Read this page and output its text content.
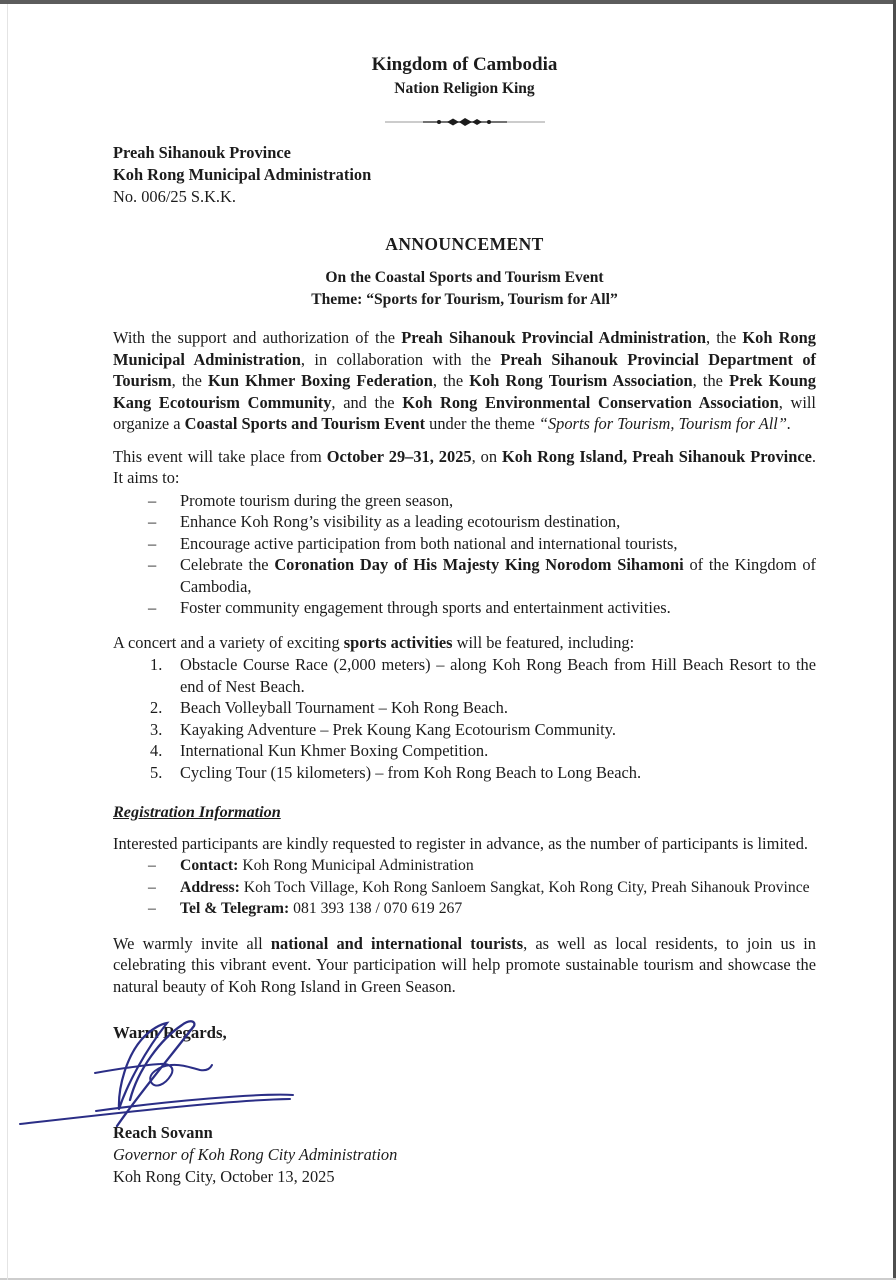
Kingdom of Cambodia
Nation Religion King
Preah Sihanouk Province
Koh Rong Municipal Administration
No. 006/25 S.K.K.
ANNOUNCEMENT
On the Coastal Sports and Tourism Event
Theme: “Sports for Tourism, Tourism for All”

With the support and authorization of the Preah Sihanouk Provincial Administration, the Koh Rong Municipal Administration, in collaboration with the Preah Sihanouk Provincial Department of Tourism, the Kun Khmer Boxing Federation, the Koh Rong Tourism Association, the Prek Koung Kang Ecotourism Community, and the Koh Rong Environmental Conservation Association, will organize a Coastal Sports and Tourism Event under the theme “Sports for Tourism, Tourism for All”.

This event will take place from October 29–31, 2025, on Koh Rong Island, Preah Sihanouk Province. It aims to:

–	Promote tourism during the green season,
–	Enhance Koh Rong’s visibility as a leading ecotourism destination,
–	Encourage active participation from both national and international tourists,
–	Celebrate the Coronation Day of His Majesty King Norodom Sihamoni of the Kingdom of Cambodia,
–	Foster community engagement through sports and entertainment activities.

A concert and a variety of exciting sports activities will be featured, including:

1.	Obstacle Course Race (2,000 meters) – along Koh Rong Beach from Hill Beach Resort to the end of Nest Beach.
2.	Beach Volleyball Tournament – Koh Rong Beach.
3.	Kayaking Adventure – Prek Koung Kang Ecotourism Community.
4.	International Kun Khmer Boxing Competition.
5.	Cycling Tour (15 kilometers) – from Koh Rong Beach to Long Beach.
Registration Information

Interested participants are kindly requested to register in advance, as the number of participants is limited.

–	Contact: Koh Rong Municipal Administration
–	Address: Koh Toch Village, Koh Rong Sanloem Sangkat, Koh Rong City, Preah Sihanouk Province
–	Tel & Telegram: 081 393 138 / 070 619 267

We warmly invite all national and international tourists, as well as local residents, to join us in celebrating this vibrant event. Your participation will help promote sustainable tourism and showcase the natural beauty of Koh Rong Island in Green Season.

Warm Regards,
Reach Sovann
Governor of Koh Rong City Administration
Koh Rong City, October 13, 2025
